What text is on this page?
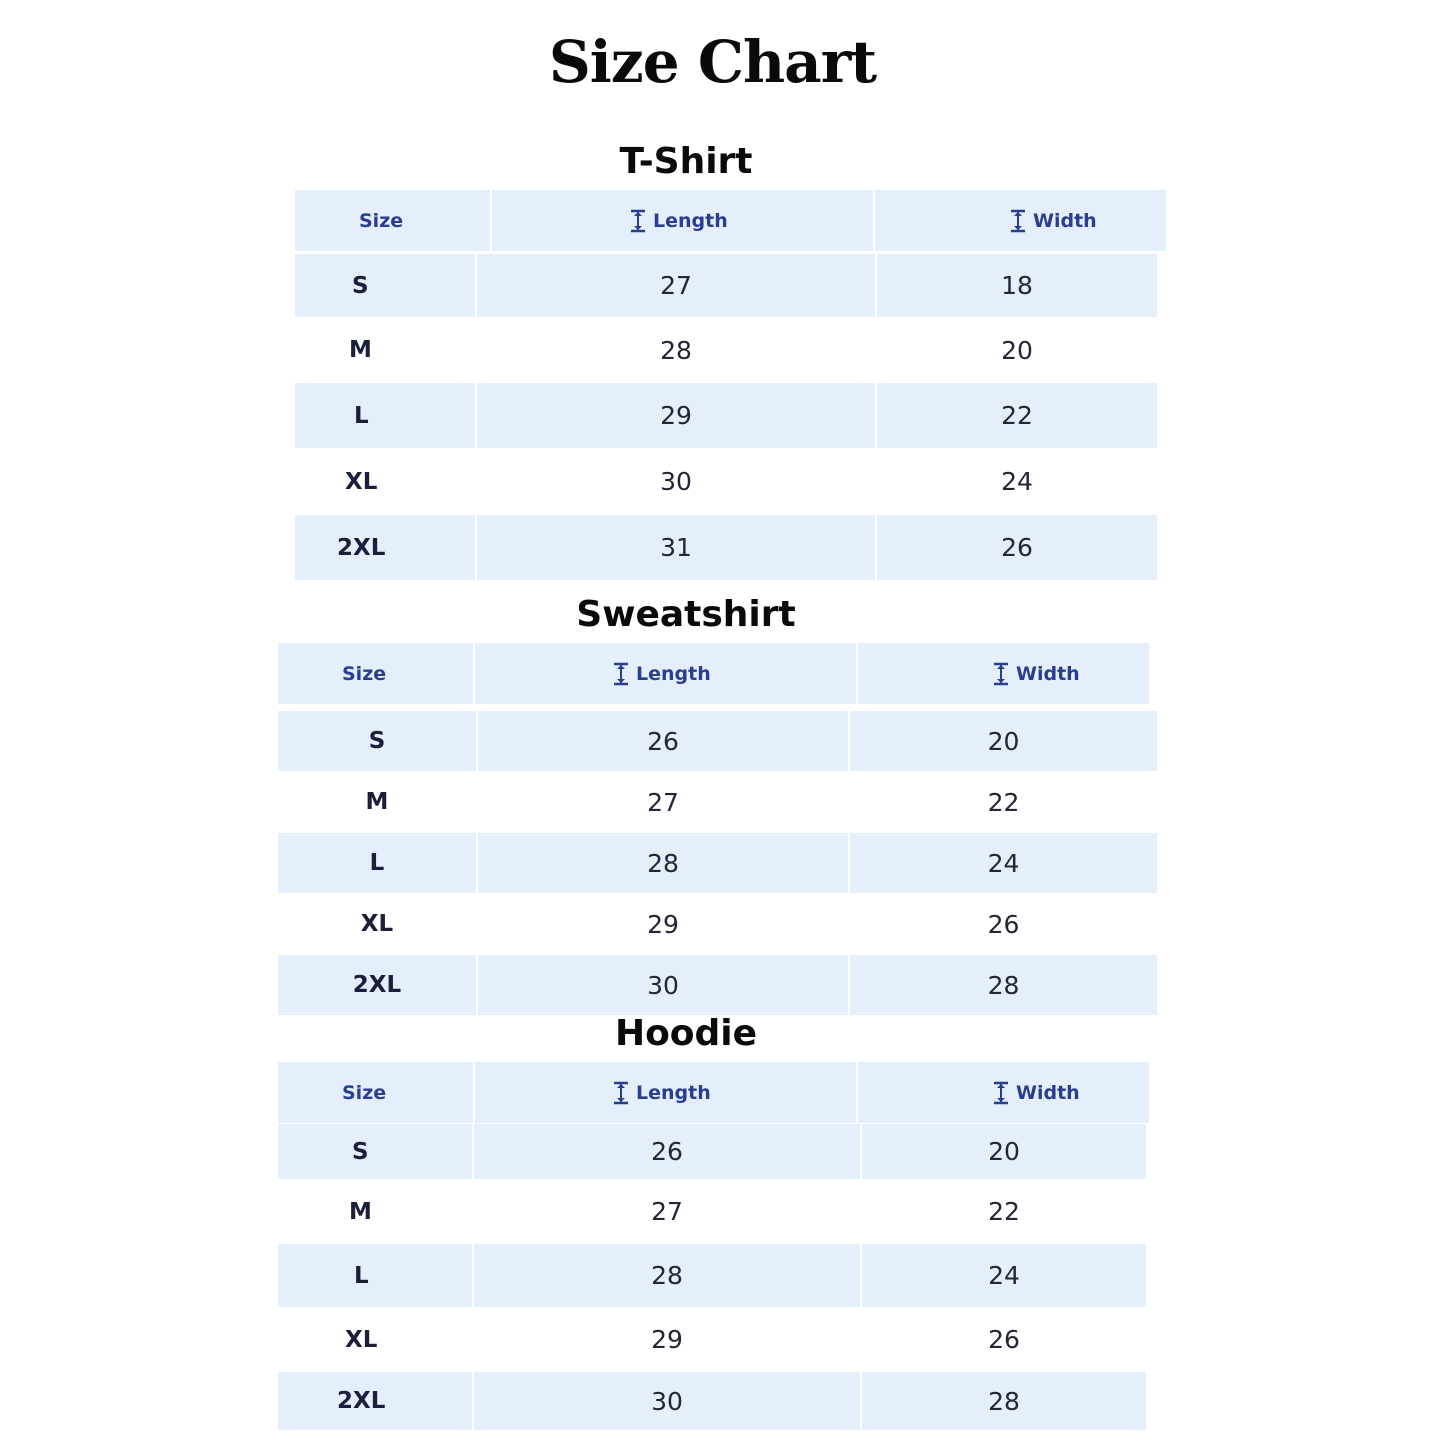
Size Chart
T-Shirt
Size	Length	Width
S	27	18
M	28	20
L	29	22
XL	30	24
2XL	31	26
Sweatshirt
Size	Length	Width
S	26	20
M	27	22
L	28	24
XL	29	26
2XL	30	28
Hoodie
Size	Length	Width
S	26	20
M	27	22
L	28	24
XL	29	26
2XL	30	28
